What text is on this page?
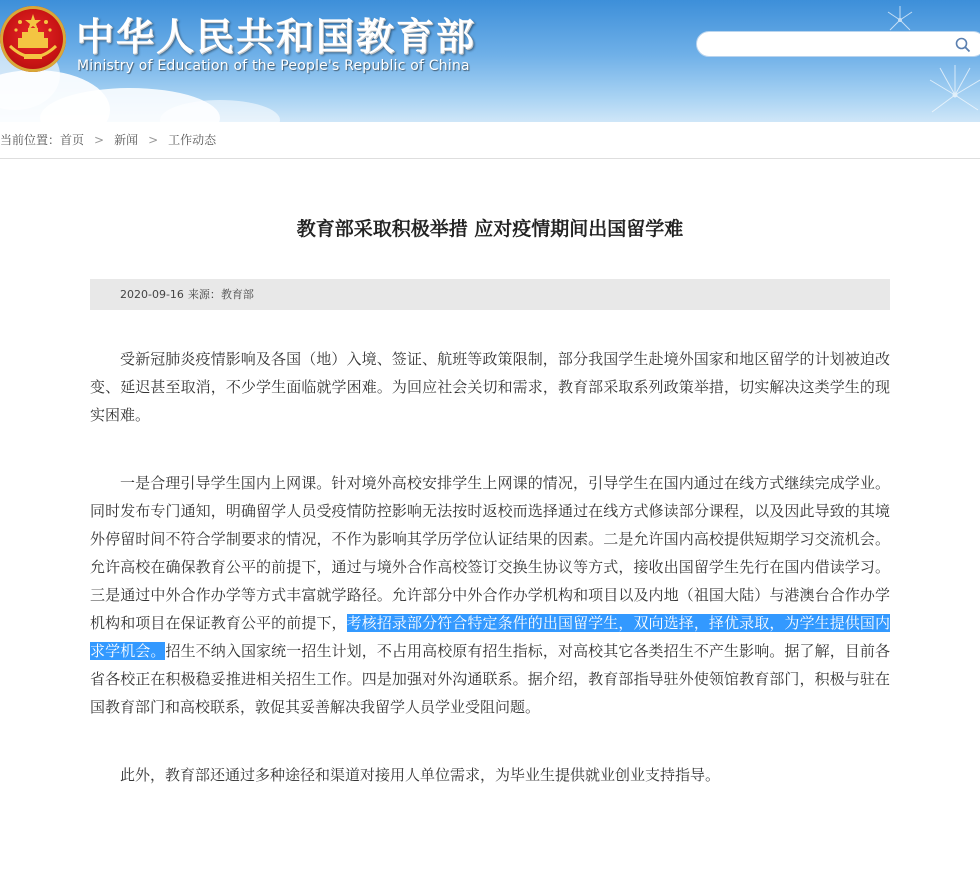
中华人民共和国教育部

Ministry of Education of the People's Republic of China

当前位置：首页 > 新闻 > 工作动态
教育部采取积极举措 应对疫情期间出国留学难
2020-09-16 来源：教育部

受新冠肺炎疫情影响及各国（地）入境、签证、航班等政策限制，部分我国学生赴境外国家和地区留学的计划被迫改变、延迟甚至取消，不少学生面临就学困难。为回应社会关切和需求，教育部采取系列政策举措，切实解决这类学生的现实困难。

一是合理引导学生国内上网课。针对境外高校安排学生上网课的情况，引导学生在国内通过在线方式继续完成学业。同时发布专门通知，明确留学人员受疫情防控影响无法按时返校而选择通过在线方式修读部分课程，以及因此导致的其境外停留时间不符合学制要求的情况，不作为影响其学历学位认证结果的因素。二是允许国内高校提供短期学习交流机会。允许高校在确保教育公平的前提下，通过与境外合作高校签订交换生协议等方式，接收出国留学生先行在国内借读学习。三是通过中外合作办学等方式丰富就学路径。允许部分中外合作办学机构和项目以及内地（祖国大陆）与港澳台合作办学机构和项目在保证教育公平的前提下，考核招录部分符合特定条件的出国留学生，双向选择，择优录取，为学生提供国内求学机会。招生不纳入国家统一招生计划，不占用高校原有招生指标，对高校其它各类招生不产生影响。据了解，目前各省各校正在积极稳妥推进相关招生工作。四是加强对外沟通联系。据介绍，教育部指导驻外使领馆教育部门，积极与驻在国教育部门和高校联系，敦促其妥善解决我留学人员学业受阻问题。

此外，教育部还通过多种途径和渠道对接用人单位需求，为毕业生提供就业创业支持指导。
